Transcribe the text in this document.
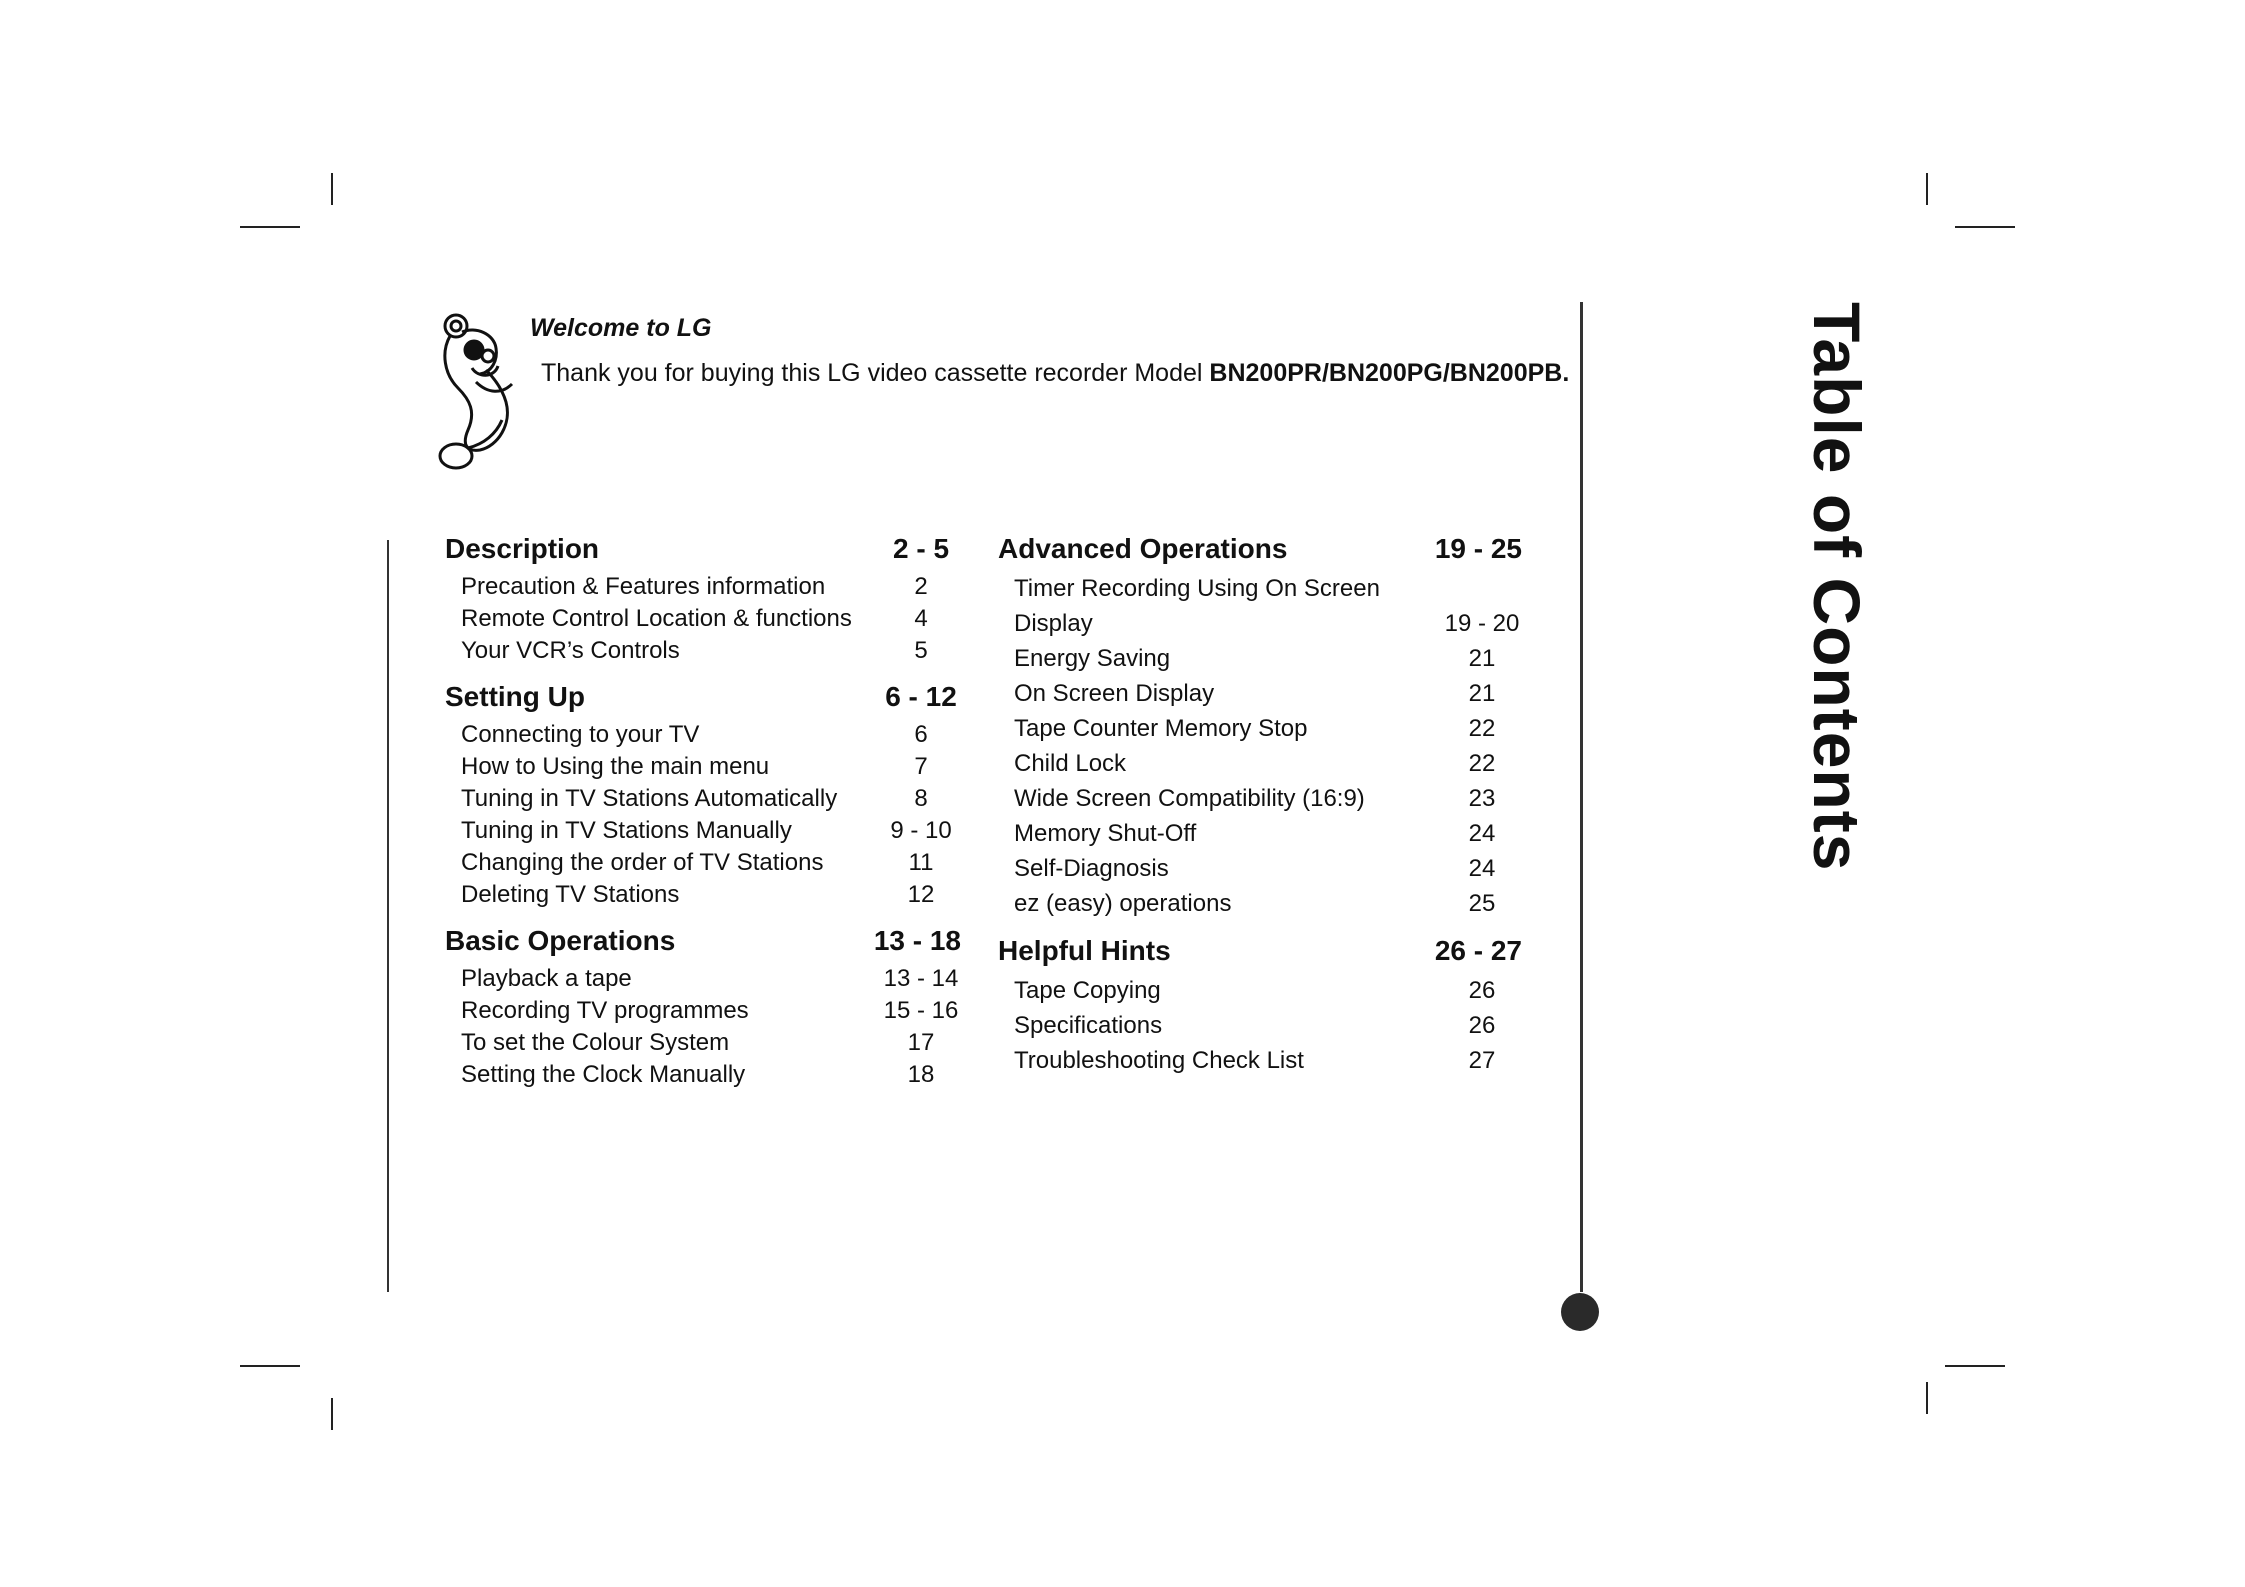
Welcome to LG
Thank you for buying this LG video cassette recorder Model BN200PR/BN200PG/BN200PB.
Description	2 - 5
Precaution & Features information	2
Remote Control Location & functions	4
Your VCR’s Controls	5
Setting Up	6 - 12
Connecting to your TV	6
How to Using the main menu	7
Tuning in TV Stations Automatically	8
Tuning in TV Stations Manually	9 - 10
Changing the order of TV Stations	11
Deleting TV Stations	12
Basic Operations	13 - 18
Playback a tape	13 - 14
Recording TV programmes	15 - 16
To set the Colour System	17
Setting the Clock Manually	18
Advanced Operations	19 - 25
Timer Recording Using On Screen
Display	19 - 20
Energy Saving	21
On Screen Display	21
Tape Counter Memory Stop	22
Child Lock	22
Wide Screen Compatibility (16:9)	23
Memory Shut-Off	24
Self-Diagnosis	24
ez (easy) operations	25
Helpful Hints	26 - 27
Tape Copying	26
Specifications	26
Troubleshooting Check List	27
Table of Contents
